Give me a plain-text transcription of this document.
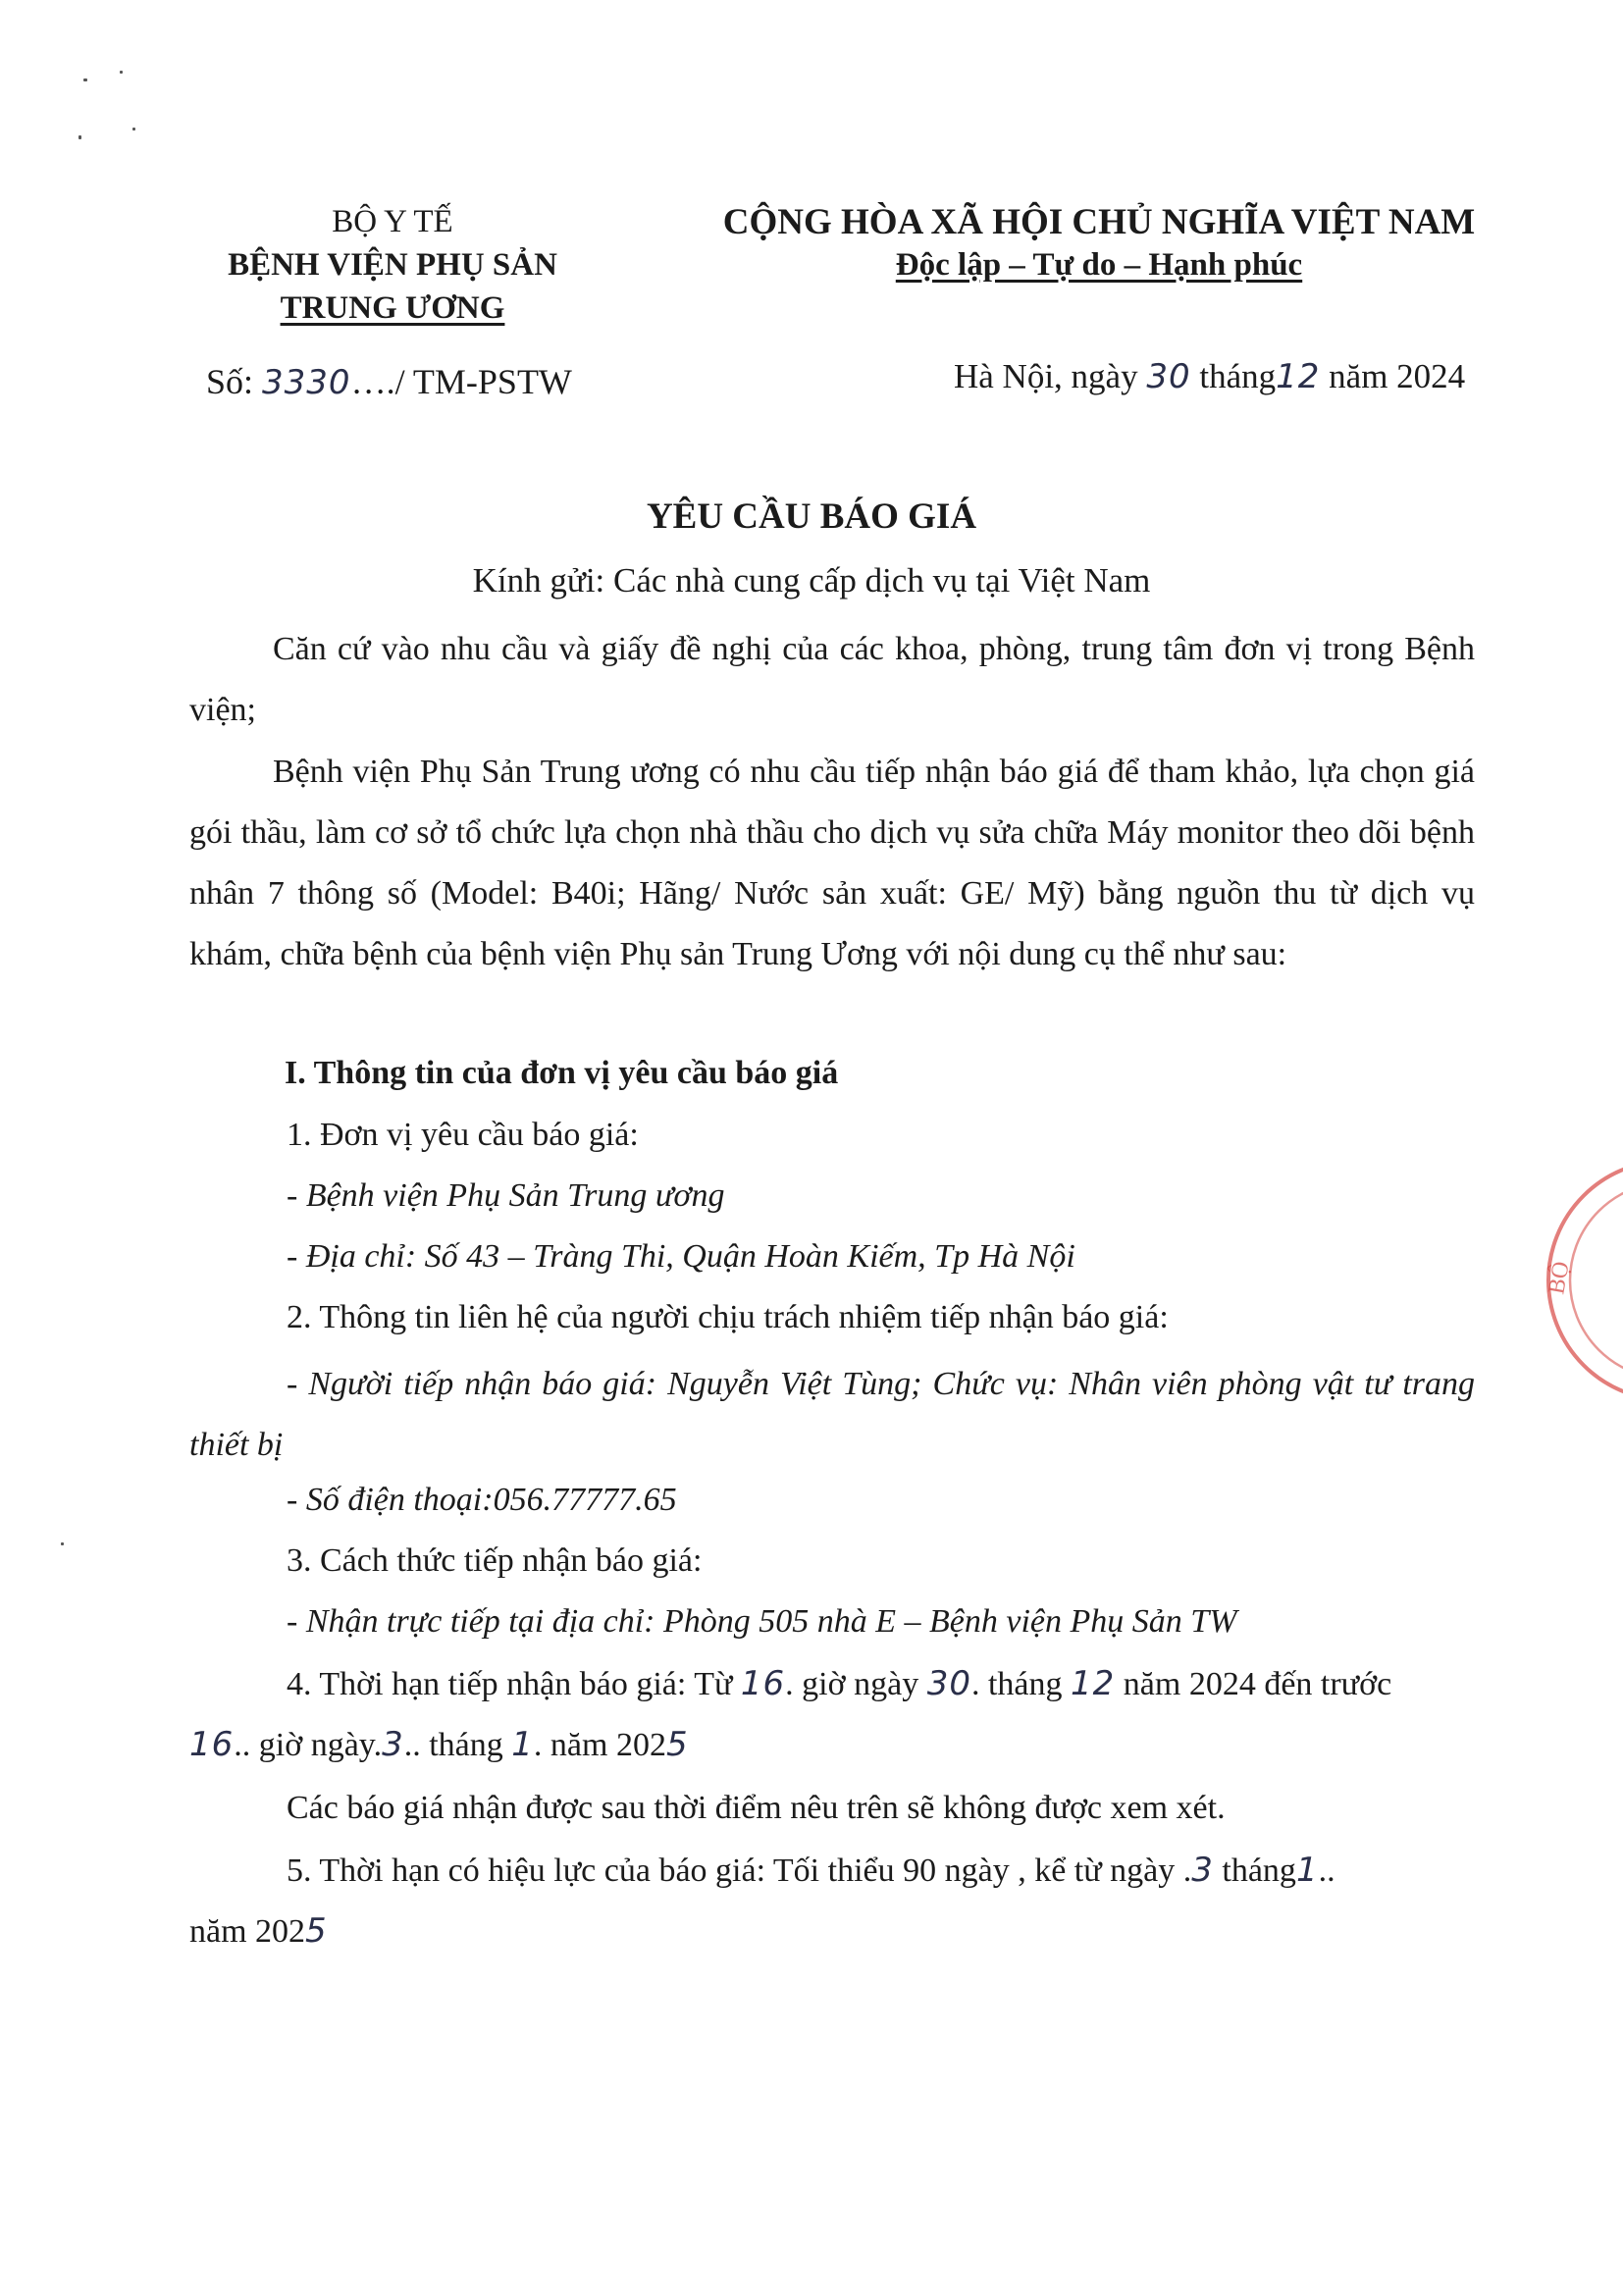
BỘ Y TẾ
BỆNH VIỆN PHỤ SẢN
TRUNG ƯƠNG
Số: 3330…./ TM-PSTW
CỘNG HÒA XÃ HỘI CHỦ NGHĨA VIỆT NAM
Độc lập – Tự do – Hạnh phúc
Hà Nội, ngày 30 tháng12 năm 2024
YÊU CẦU BÁO GIÁ
Kính gửi: Các nhà cung cấp dịch vụ tại Việt Nam
Căn cứ vào nhu cầu và giấy đề nghị của các khoa, phòng, trung tâm đơn vị trong Bệnh viện;
Bệnh viện Phụ Sản Trung ương có nhu cầu tiếp nhận báo giá để tham khảo, lựa chọn giá gói thầu, làm cơ sở tổ chức lựa chọn nhà thầu cho dịch vụ sửa chữa Máy monitor theo dõi bệnh nhân 7 thông số (Model: B40i; Hãng/ Nước sản xuất: GE/ Mỹ) bằng nguồn thu từ dịch vụ khám, chữa bệnh của bệnh viện Phụ sản Trung Ương với nội dung cụ thể như sau:
I. Thông tin của đơn vị yêu cầu báo giá
1. Đơn vị yêu cầu báo giá:
- Bệnh viện Phụ Sản Trung ương
- Địa chỉ: Số 43 – Tràng Thi, Quận Hoàn Kiếm, Tp Hà Nội
2. Thông tin liên hệ của người chịu trách nhiệm tiếp nhận báo giá:
- Người tiếp nhận báo giá: Nguyễn Việt Tùng; Chức vụ: Nhân viên phòng vật tư trang thiết bị
- Số điện thoại:056.77777.65
3. Cách thức tiếp nhận báo giá:
- Nhận trực tiếp tại địa chỉ: Phòng 505 nhà E – Bệnh viện Phụ Sản TW
4. Thời hạn tiếp nhận báo giá: Từ 16. giờ ngày 30. tháng 12 năm 2024 đến trước
16.. giờ ngày.3.. tháng 1. năm 2025
Các báo giá nhận được sau thời điểm nêu trên sẽ không được xem xét.
5. Thời hạn có hiệu lực của báo giá: Tối thiểu 90 ngày , kể từ ngày .3 tháng1..
năm 2025
BỘ
